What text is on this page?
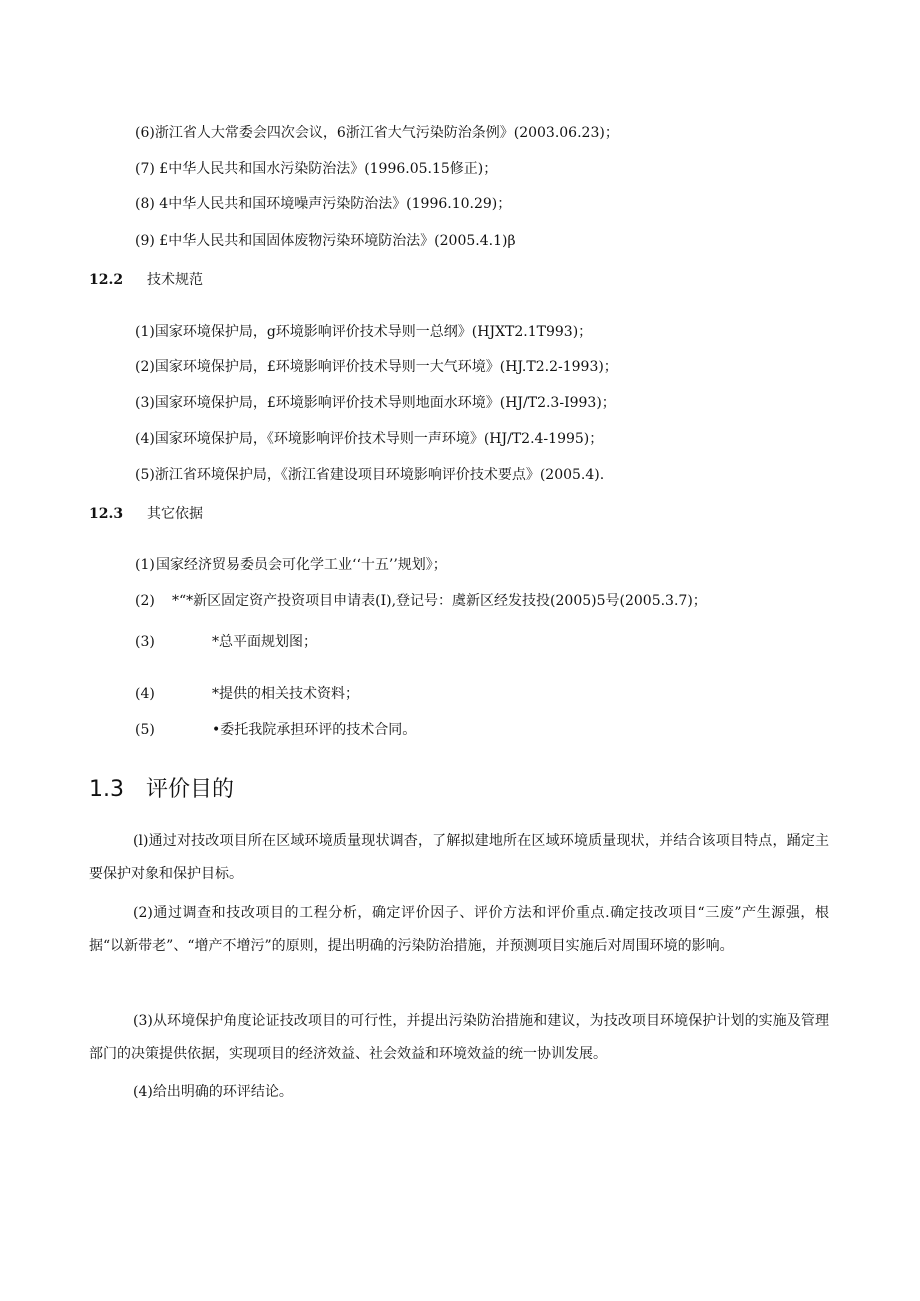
(6)浙江省人大常委会四次会议，6浙江省大气污染防治条例》(2003.06.23)；
(7) £中华人民共和国水污染防治法》(1996.05.15修正)；
(8) 4中华人民共和国环境噪声污染防治法》(1996.10.29)；
(9) £中华人民共和国固体废物污染环境防治法》(2005.4.1)β
12.2 技术规范
(1)国家环境保护局，g环境影响评价技术导则一总纲》(HJXT2.1T993)；
(2)国家环境保护局，£环境影响评价技术导则一大气环境》(HJ.T2.2-1993)；
(3)国家环境保护局，£环境影响评价技术导则地面水环境》(HJ/T2.3-I993)；
(4)国家环境保护局，《环境影响评价技术导则一声环境》(HJ/T2.4-1995)；
(5)浙江省环境保护局，《浙江省建设项目环境影响评价技术要点》(2005.4).
12.3 其它依据
(1) 国家经济贸易委员会可化学工业‘‘十五’’规划》；
(2) *“*新区固定资产投资项目申请表(I),登记号：虞新区经发技投(2005)5号(2005.3.7)；
(3)	*总平面规划图；
(4)	*提供的相关技术资料；
(5)	•委托我院承担环评的技术合同。
1.3 评价目的
(l)通过对技改项目所在区域环境质量现状调杳，了解拟建地所在区域环境质量现状，并结合该项目特点，踊定主要保护对象和保护目标。
(2)通过调查和技改项目的工程分析，确定评价因子、评价方法和评价重点.确定技改项目“三废”产生源强，根据“以新带老”、“增产不增污”的原则，提出明确的污染防治措施，并预测项目实施后对周围环境的影响。
(3)从环境保护角度论证技改项目的可行性，并提出污染防治措施和建议，为技改项目环境保护计划的实施及管理部门的决策提供依据，实现项目的经济效益、社会效益和环境效益的统一协训发展。
(4)给出明确的环评结论。
